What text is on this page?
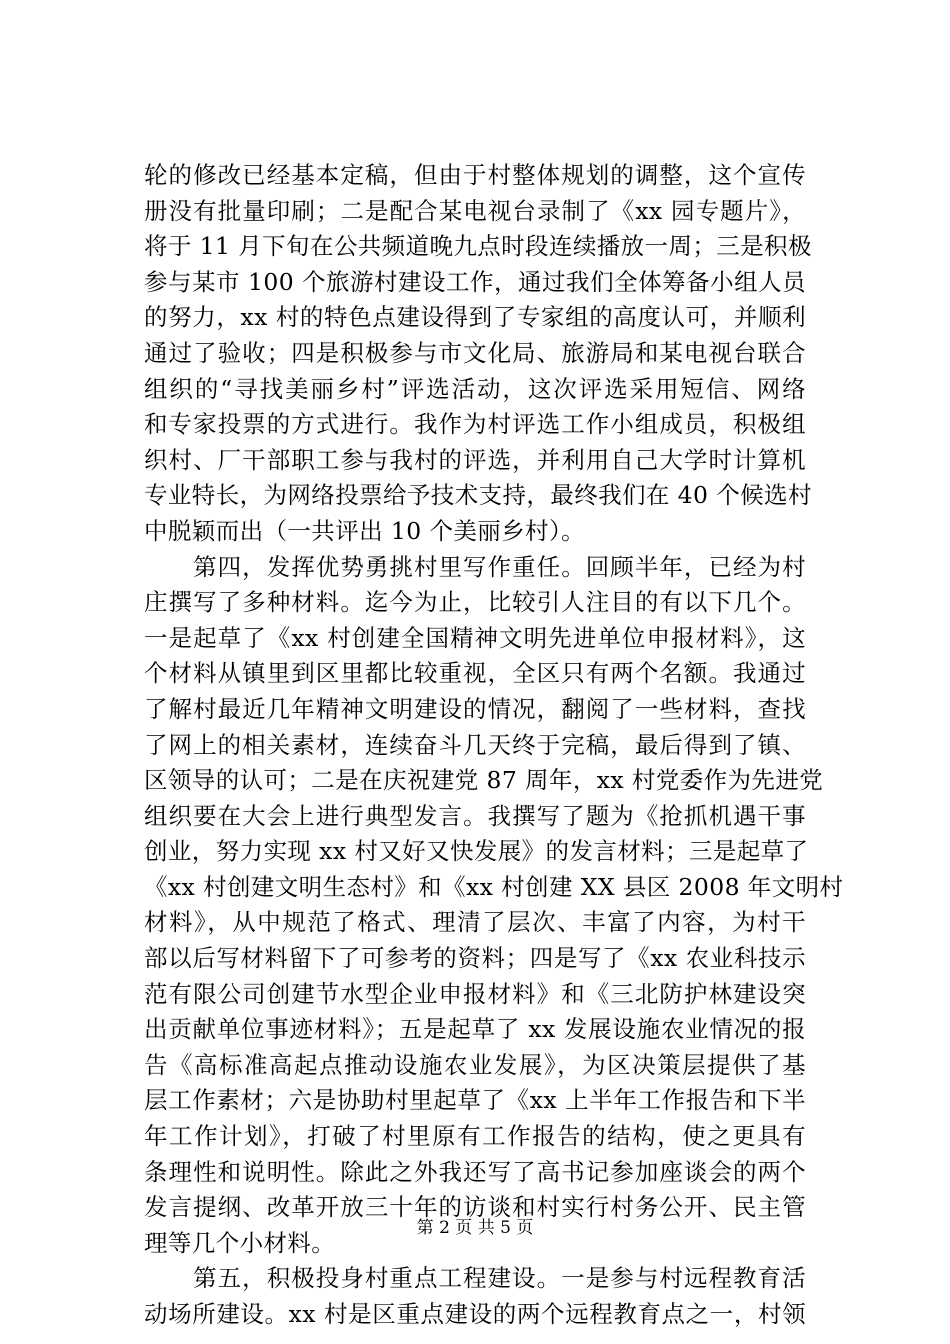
轮的修改已经基本定稿，但由于村整体规划的调整，这个宣传
册没有批量印刷；二是配合某电视台录制了《xx 园专题片》，
将于 11 月下旬在公共频道晚九点时段连续播放一周；三是积极
参与某市 100 个旅游村建设工作，通过我们全体筹备小组人员
的努力，xx 村的特色点建设得到了专家组的高度认可，并顺利
通过了验收；四是积极参与市文化局、旅游局和某电视台联合
组织的“寻找美丽乡村”评选活动，这次评选采用短信、网络
和专家投票的方式进行。我作为村评选工作小组成员，积极组
织村、厂干部职工参与我村的评选，并利用自己大学时计算机
专业特长，为网络投票给予技术支持，最终我们在 40 个候选村
中脱颖而出（一共评出 10 个美丽乡村）。
　　第四，发挥优势勇挑村里写作重任。回顾半年，已经为村
庄撰写了多种材料。迄今为止，比较引人注目的有以下几个。
一是起草了《xx 村创建全国精神文明先进单位申报材料》，这
个材料从镇里到区里都比较重视，全区只有两个名额。我通过
了解村最近几年精神文明建设的情况，翻阅了一些材料，查找
了网上的相关素材，连续奋斗几天终于完稿，最后得到了镇、
区领导的认可；二是在庆祝建党 87 周年，xx 村党委作为先进党
组织要在大会上进行典型发言。我撰写了题为《抢抓机遇干事
创业，努力实现 xx 村又好又快发展》的发言材料；三是起草了
《xx 村创建文明生态村》和《xx 村创建 XX 县区 2008 年文明村
材料》，从中规范了格式、理清了层次、丰富了内容，为村干
部以后写材料留下了可参考的资料；四是写了《xx 农业科技示
范有限公司创建节水型企业申报材料》和《三北防护林建设突
出贡献单位事迹材料》；五是起草了 xx 发展设施农业情况的报
告《高标准高起点推动设施农业发展》，为区决策层提供了基
层工作素材；六是协助村里起草了《xx 上半年工作报告和下半
年工作计划》，打破了村里原有工作报告的结构，使之更具有
条理性和说明性。除此之外我还写了高书记参加座谈会的两个
发言提纲、改革开放三十年的访谈和村实行村务公开、民主管
理等几个小材料。
　　第五，积极投身村重点工程建设。一是参与村远程教育活
动场所建设。xx 村是区重点建设的两个远程教育点之一，村领
第 2 页 共 5 页
